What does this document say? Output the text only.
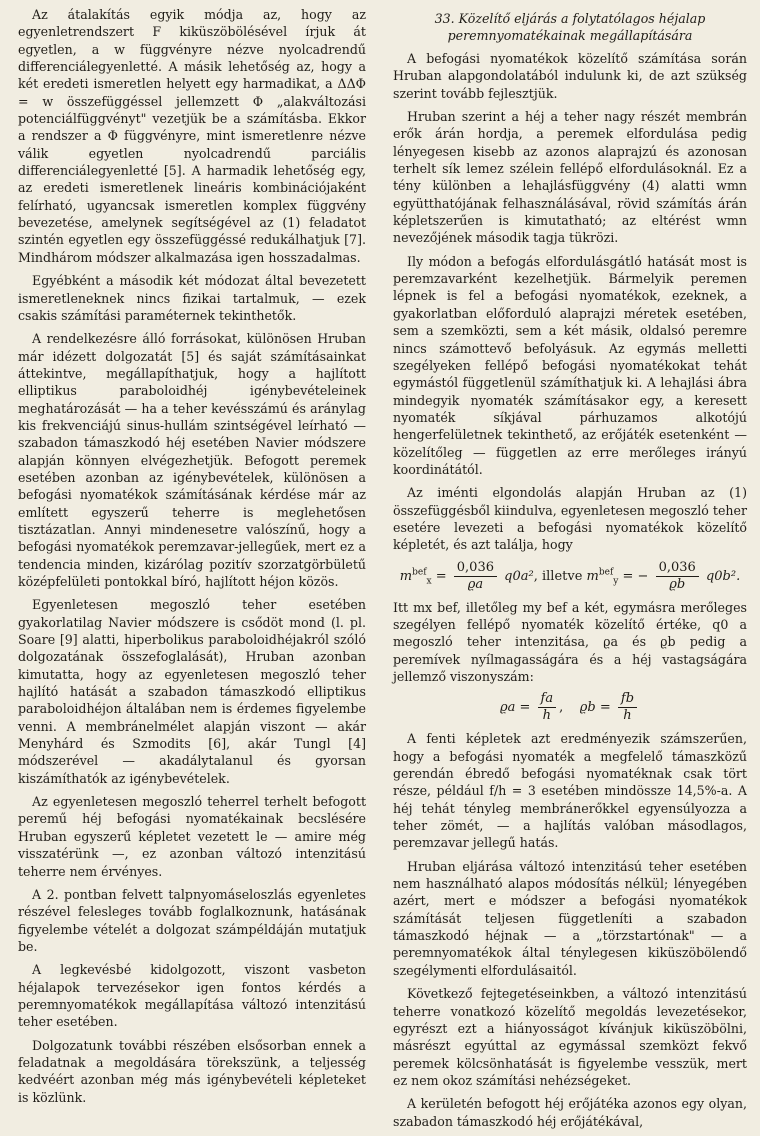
Az átalakítás egyik módja az, hogy az egyenletrendszert F kiküszöbölésével írjuk át egyetlen, a w függvényre nézve nyolcadrendű differenciálegyenletté. A másik lehetőség az, hogy a két eredeti ismeretlen helyett egy harmadikat, a ΔΔΦ = w összefüggéssel jellemzett Φ „alakváltozási potenciálfüggvényt" vezetjük be a számításba. Ekkor a rendszer a Φ függvényre, mint ismeretlenre nézve válik egyetlen nyolcadrendű parciális differenciálegyenletté [5]. A harmadik lehetőség egy, az eredeti ismeretlenek lineáris kombinációjaként felírható, ugyancsak ismeretlen komplex függvény bevezetése, amelynek segítségével az (1) feladatot szintén egyetlen egy összefüggéssé redukálhatjuk [7]. Mindhárom módszer alkalmazása igen hosszadalmas.

Egyébként a második két módozat által bevezetett ismeretleneknek nincs fizikai tartalmuk, — ezek csakis számítási paraméternek tekinthetők.

A rendelkezésre álló forrásokat, különösen Hruban már idézett dolgozatát [5] és saját számításainkat áttekintve, megállapíthatjuk, hogy a hajlított elliptikus paraboloidhéj igénybevételeinek meghatározását — ha a teher kevésszámú és aránylag kis frekvenciájú sinus-hullám szintségével leírható — szabadon támaszkodó héj esetében Navier módszere alapján könnyen elvégezhetjük. Befogott peremek esetében azonban az igénybevételek, különösen a befogási nyomatékok számításának kérdése már az említett egyszerű teherre is meglehetősen tisztázatlan. Annyi mindenesetre valószínű, hogy a befogási nyomatékok peremzavar-jellegűek, mert ez a tendencia minden, kizárólag pozitív szorzatgörbületű középfelületi pontokkal bíró, hajlított héjon közös.

Egyenletesen megoszló teher esetében gyakorlatilag Navier módszere is csődöt mond (l. pl. Soare [9] alatti, hiperbolikus paraboloidhéjakról szóló dolgozatának összefoglalását), Hruban azonban kimutatta, hogy az egyenletesen megoszló teher hajlító hatását a szabadon támaszkodó elliptikus paraboloidhéjon általában nem is érdemes figyelembe venni. A membránelmélet alapján viszont — akár Menyhárd és Szmodits [6], akár Tungl [4] módszerével — akadálytalanul és gyorsan kiszámíthatók az igénybevételek.

Az egyenletesen megoszló teherrel terhelt befogott peremű héj befogási nyomatékainak becslésére Hruban egyszerű képletet vezetett le — amire még visszatérünk —, ez azonban változó intenzitású teherre nem érvényes.

A 2. pontban felvett talpnyomáseloszlás egyenletes részével felesleges tovább foglalkoznunk, hatásának figyelembe vételét a dolgozat számpéldáján mutatjuk be.

A legkevésbé kidolgozott, viszont vasbeton héjalapok tervezésekor igen fontos kérdés a peremnyomatékok megállapítása változó intenzitású teher esetében.

Dolgozatunk további részében elsősorban ennek a feladatnak a megoldására törekszünk, a teljesség kedvéért azonban még más igénybevételi képleteket is közlünk.

33. Közelítő eljárás a folytatólagos héjalap peremnyomatékainak megállapítására

A befogási nyomatékok közelítő számítása során Hruban alapgondolatából indulunk ki, de azt szükség szerint tovább fejlesztjük.

Hruban szerint a héj a teher nagy részét membrán erők árán hordja, a peremek elfordulása pedig lényegesen kisebb az azonos alaprajzú és azonosan terhelt sík lemez szélein fellépő elfordulásoknál. Ez a tény különben a lehajlásfüggvény (4) alatti wmn együtthatójának felhasználásával, rövid számítás árán képletszerűen is kimutatható; az eltérést wmn nevezőjének második tagja tükrözi.

Ily módon a befogás elfordulásgátló hatását most is peremzavarként kezelhetjük. Bármelyik peremen lépnek is fel a befogási nyomatékok, ezeknek, a gyakorlatban előforduló alaprajzi méretek esetében, sem a szemközti, sem a két másik, oldalsó peremre nincs számottevő befolyásuk. Az egymás melletti szegélyeken fellépő befogási nyomatékokat tehát egymástól függetlenül számíthatjuk ki. A lehajlási ábra mindegyik nyomaték számításakor egy, a keresett nyomaték síkjával párhuzamos alkotójú hengerfelületnek tekinthető, az erőjáték esetenként — közelítőleg — független az erre merőleges irányú koordinátától.

Az iménti elgondolás alapján Hruban az (1) összefüggésből kiindulva, egyenletesen megoszló teher esetére levezeti a befogási nyomatékok közelítő képletét, és azt találja, hogy

$m^{bef}_x = \frac{0,036}{ϱa} q0a^2$, illetve $m^{bef}_y$ = − $\frac{0,036}{ϱb} q0b^2$.

Itt mx bef, illetőleg my bef a két, egymásra merőleges szegélyen fellépő nyomaték közelítő értéke, q0 a megoszló teher intenzitása, ϱa és ϱb pedig a peremívek nyílmagasságára és a héj vastagságára jellemző viszonyszám:

$ϱa = \frac{fa}{h}$ ,    $ϱb = \frac{fb}{h}$

A fenti képletek azt eredményezik számszerűen, hogy a befogási nyomaték a megfelelő támaszközű gerendán ébredő befogási nyomatéknak csak tört része, például f/h = 3 esetében mindössze 14,5%-a. A héj tehát tényleg membránerőkkel egyensúlyozza a teher zömét, — a hajlítás valóban másodlagos, peremzavar jellegű hatás.

Hruban eljárása változó intenzitású teher esetében nem használható alapos módosítás nélkül; lényegében azért, mert e módszer a befogási nyomatékok számítását teljesen függetleníti a szabadon támaszkodó héjnak — a „törzstartónak" — a peremnyomatékok által ténylegesen kiküszöbölendő szegélymenti elfordulásaitól.

Következő fejtegetéseinkben, a változó intenzitású teherre vonatkozó közelítő megoldás levezetésekor, egyrészt ezt a hiányosságot kívánjuk kiküszöbölni, másrészt egyúttal az egymással szemközt fekvő peremek kölcsönhatását is figyelembe vesszük, mert ez nem okoz számítási nehézségeket.

A kerületén befogott héj erőjátéka azonos egy olyan, szabadon támaszkodó héj erőjátékával,
